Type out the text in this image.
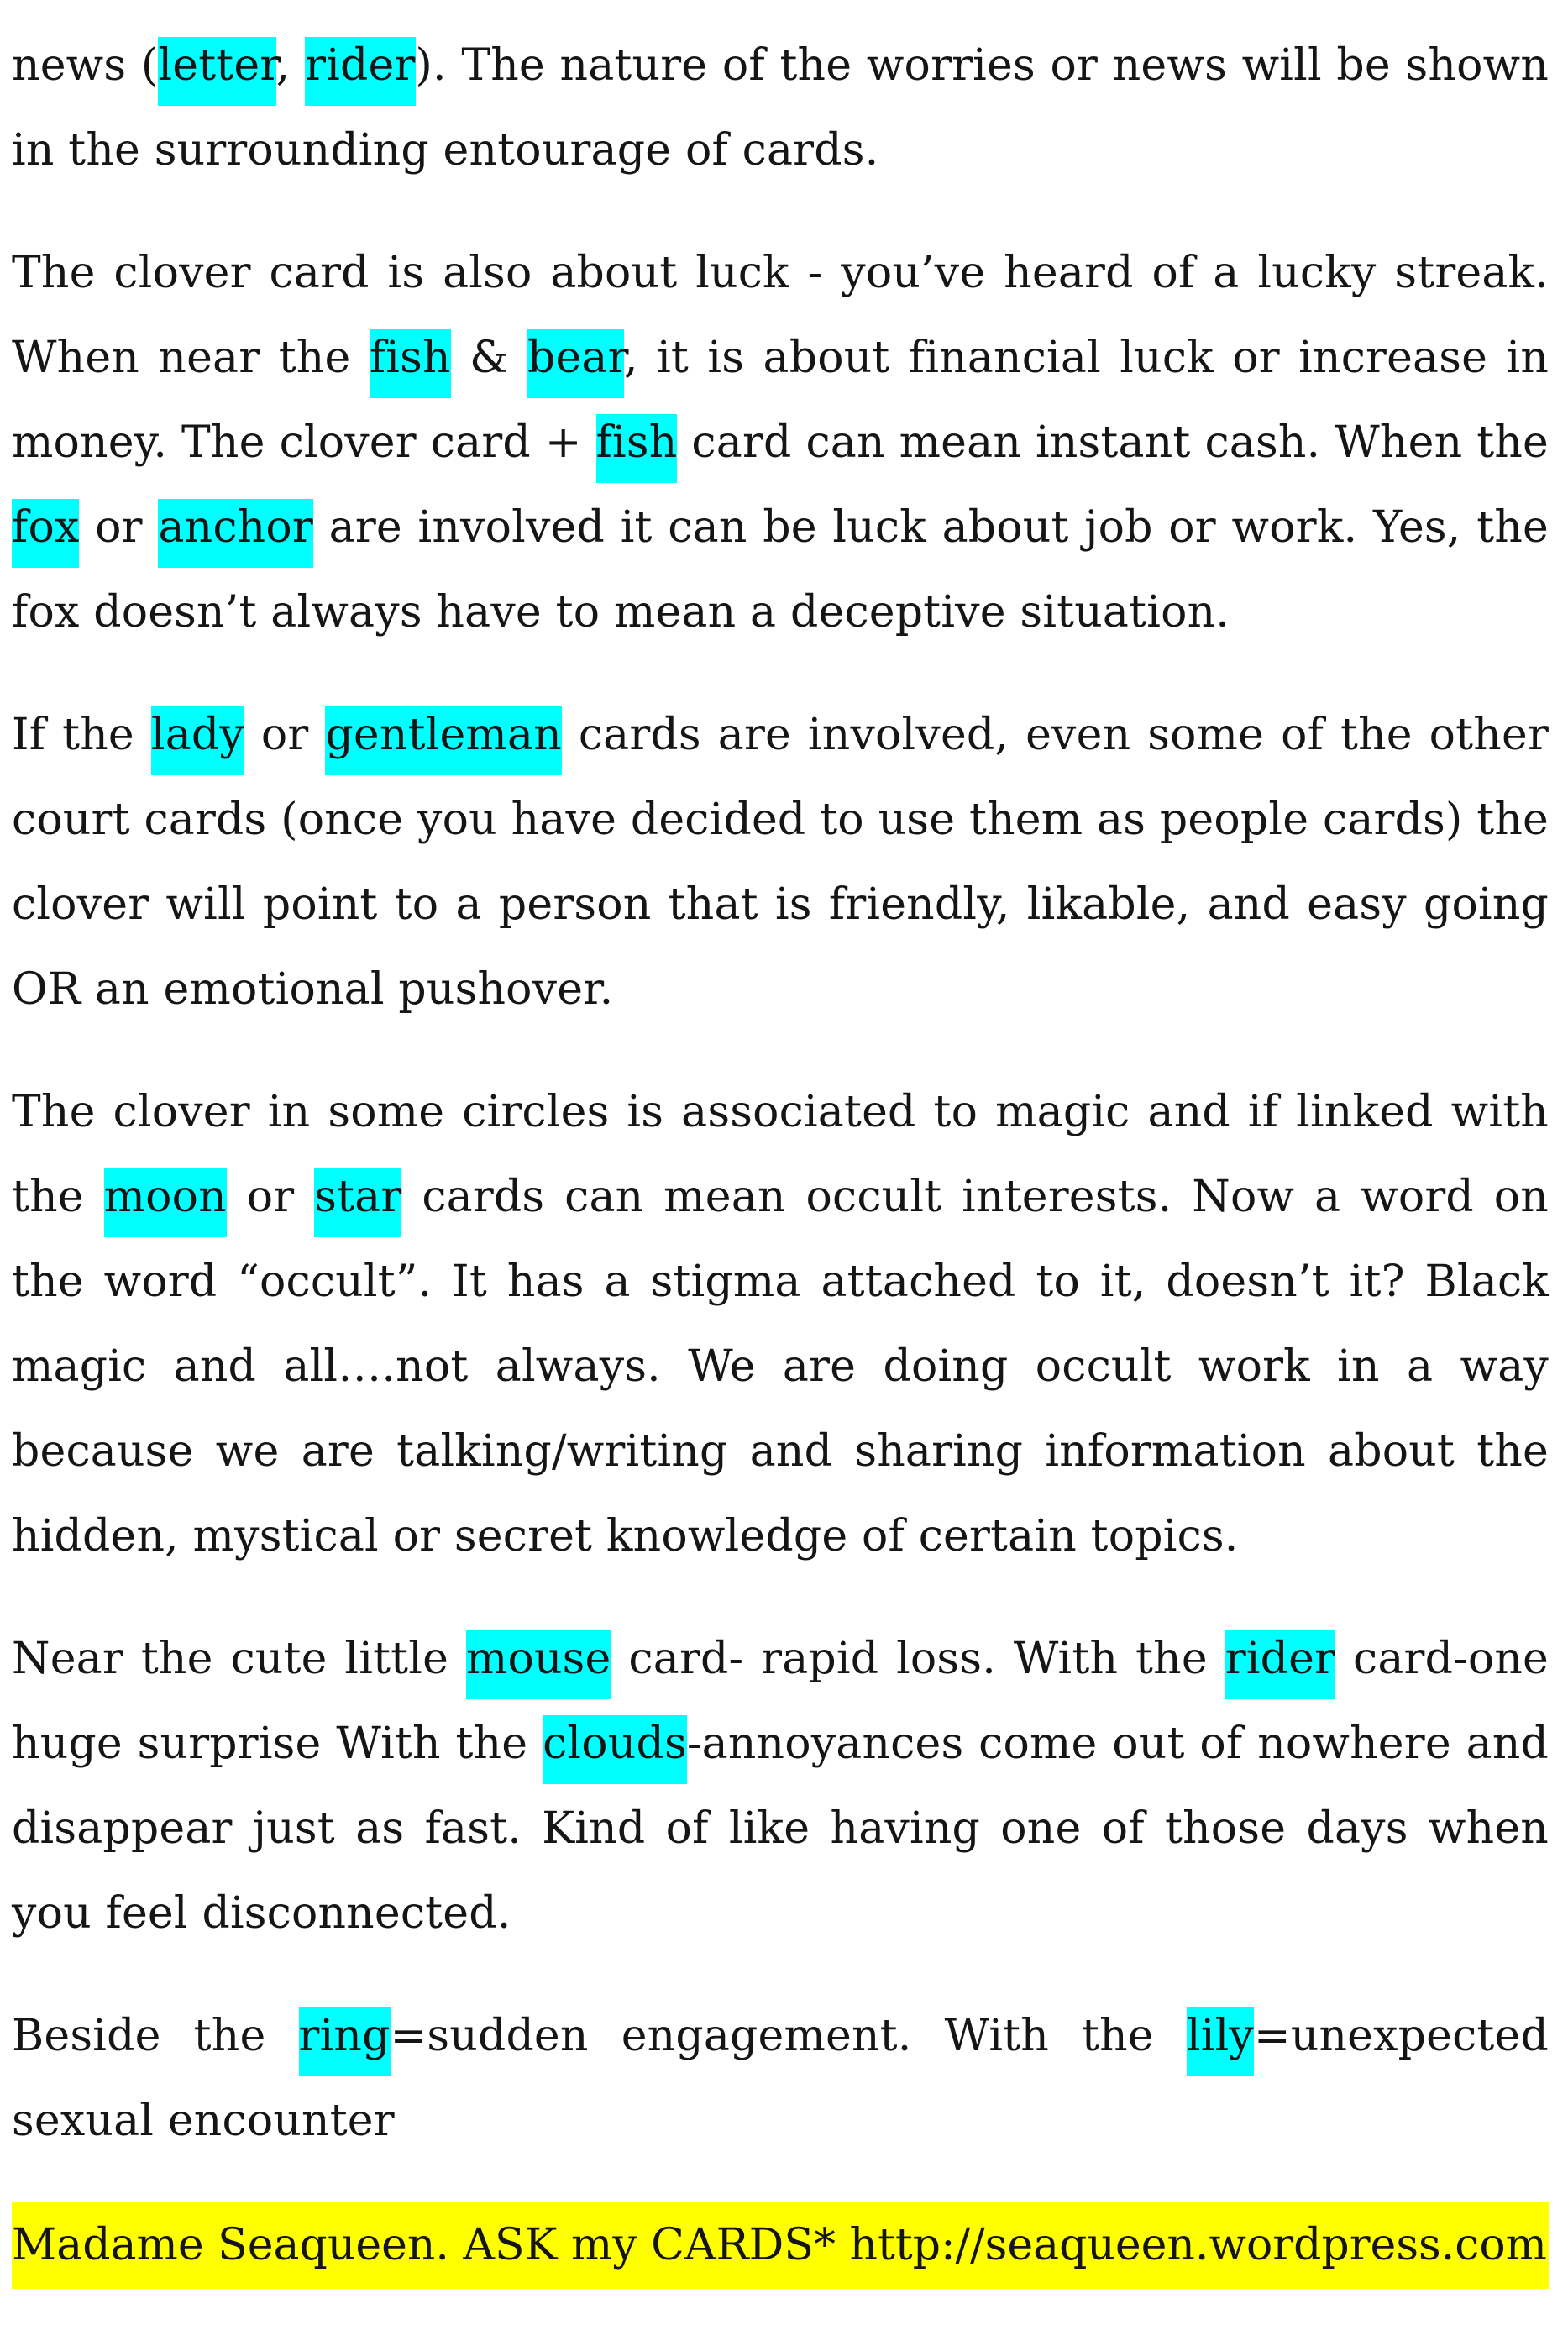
news (letter, rider). The nature of the worries or news will be shown in the surrounding entourage of cards.

The clover card is also about luck - you’ve heard of a lucky streak. When near the fish & bear, it is about financial luck or increase in money. The clover card + fish card can mean instant cash. When the fox or anchor are involved it can be luck about job or work. Yes, the fox doesn’t always have to mean a deceptive situation.

If the lady or gentleman cards are involved, even some of the other court cards (once you have decided to use them as people cards) the clover will point to a person that is friendly, likable, and easy going OR an emotional pushover.

The clover in some circles is associated to magic and if linked with the moon or star cards can mean occult interests. Now a word on the word “occult”. It has a stigma attached to it, doesn’t it? Black magic and all….not always. We are doing occult work in a way because we are talking/writing and sharing information about the hidden, mystical or secret knowledge of certain topics.

Near the cute little mouse card- rapid loss. With the rider card-one huge surprise With the clouds-annoyances come out of nowhere and disappear just as fast. Kind of like having one of those days when you feel disconnected.

Beside the ring=sudden engagement. With the lily=unexpected sexual encounter

Madame Seaqueen. ASK my CARDS* http://seaqueen.wordpress.com
